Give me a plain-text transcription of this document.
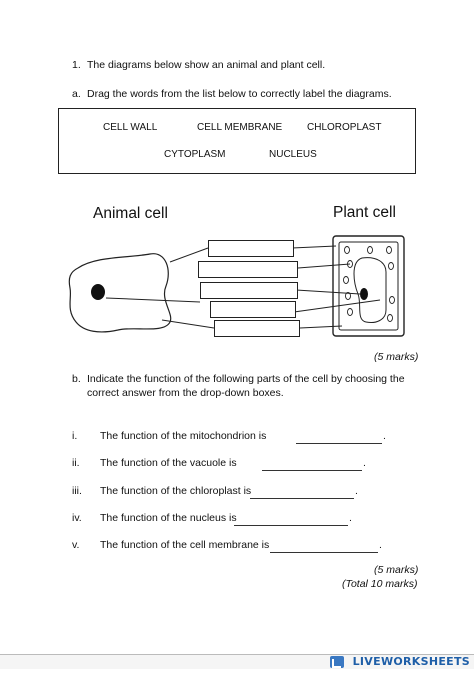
1. The diagrams below show an animal and plant cell.
a. Drag the words from the list below to correctly label the diagrams.
CELL WALL	CELL MEMBRANE CHLOROPLAST
CYTOPLASM	NUCLEUS
Animal cell	Plant cell
(5 marks)
b. Indicate the function of the following parts of the cell by choosing the
correct answer from the drop-down boxes.
i. The function of the mitochondrion is	.
ii. The function of the vacuole is	.
iii. The function of the chloroplast is	.
iv. The function of the nucleus is	.
v. The function of the cell membrane is	.
(5 marks)
(Total 10 marks)
LIVEWORKSHEETS
